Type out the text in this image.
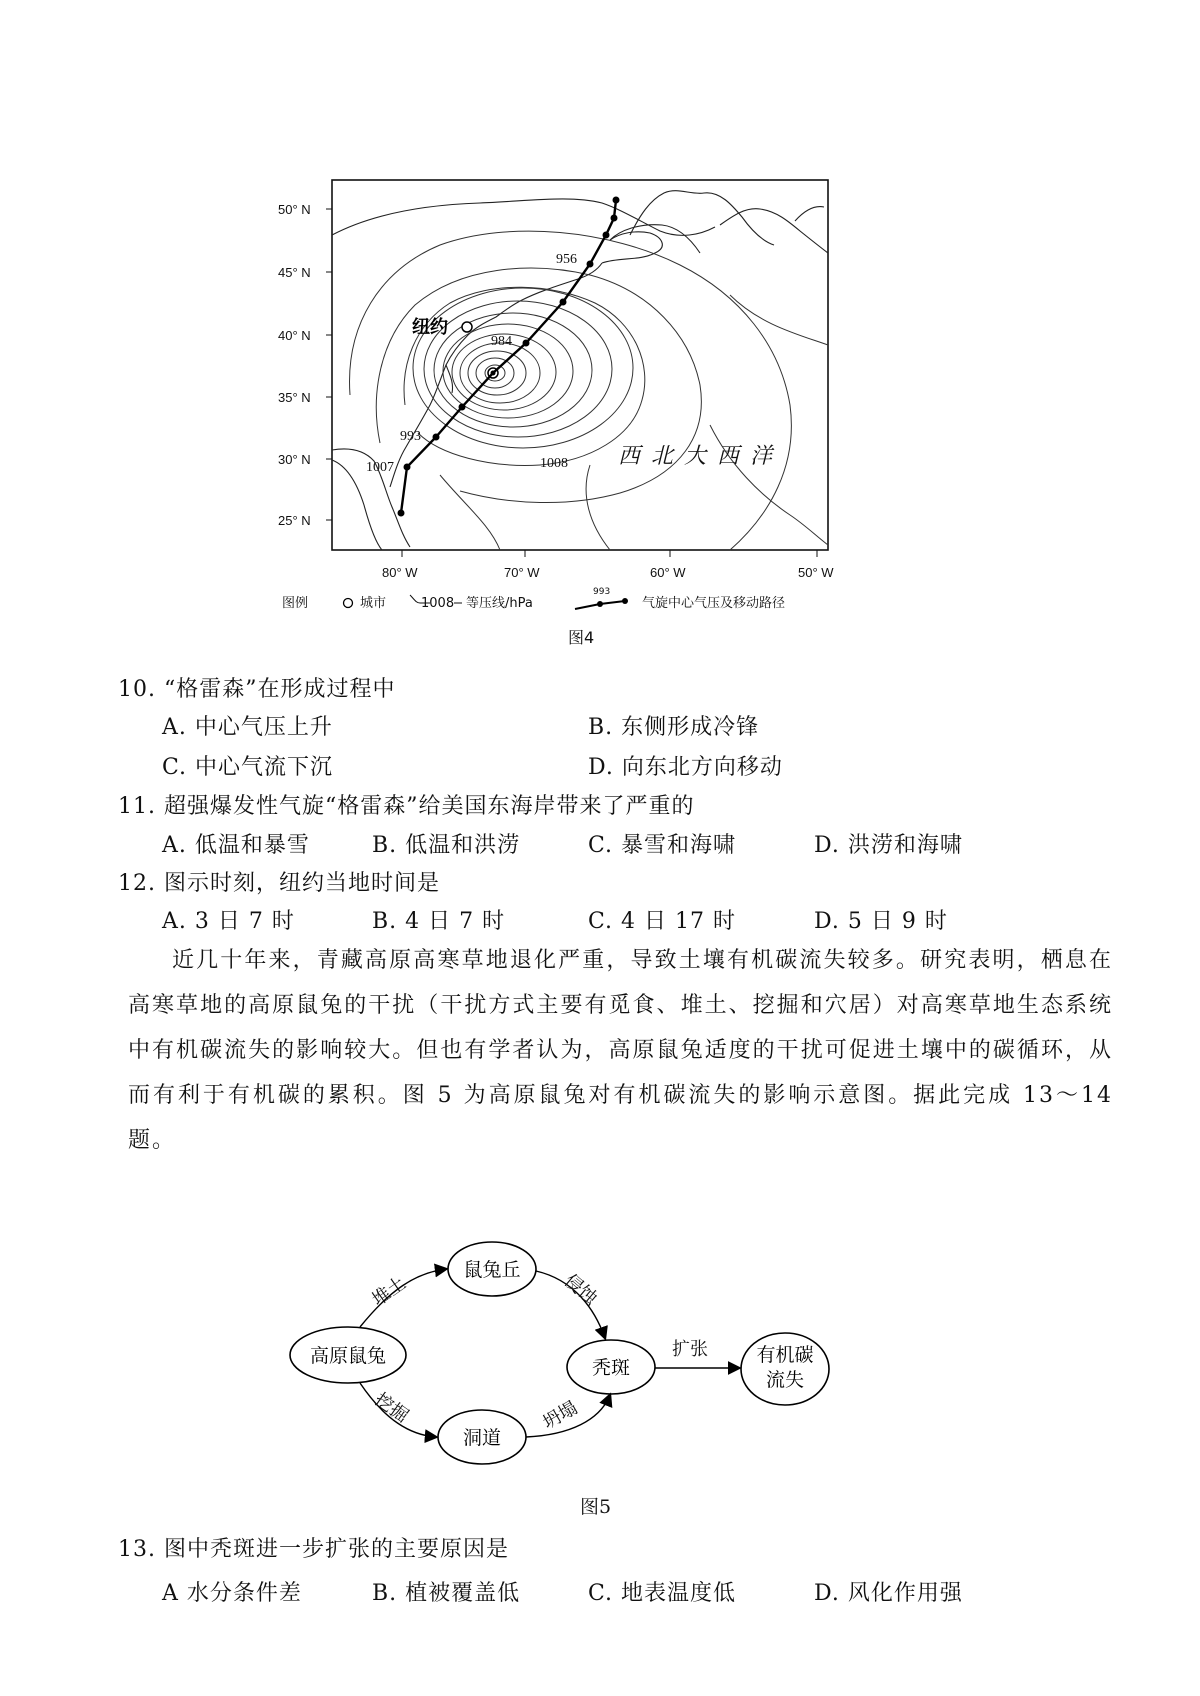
50° N
45° N
40° N
35° N
30° N
25° N
80° W	70° W	60° W	50° W
956
984
993
1007	1008
纽约
西北大西洋
图例	城市	1008 等压线/hPa
993
气旋中心气压及移动路径
图4
10. “格雷森”在形成过程中
A. 中心气压上升	B. 东侧形成冷锋
C. 中心气流下沉	D. 向东北方向移动
11. 超强爆发性气旋“格雷森”给美国东海岸带来了严重的
A. 低温和暴雪	B. 低温和洪涝	C. 暴雪和海啸	D. 洪涝和海啸
12. 图示时刻，纽约当地时间是
A. 3 日 7 时	B. 4 日 7 时	C. 4 日 17 时	D. 5 日 9 时
近几十年来，青藏高原高寒草地退化严重，导致土壤有机碳流失较多。研究表明，栖息在高寒草地的高原鼠兔的干扰（干扰方式主要有觅食、堆土、挖掘和穴居）对高寒草地生态系统中有机碳流失的影响较大。但也有学者认为，高原鼠兔适度的干扰可促进土壤中的碳循环，从而有利于有机碳的累积。图 5 为高原鼠兔对有机碳流失的影响示意图。据此完成 13～14 题。
高原鼠兔
鼠兔丘
洞道
秃斑
有机碳
流失
堆土
挖掘
侵蚀
坍塌
扩张
图5
13. 图中秃斑进一步扩张的主要原因是
A 水分条件差	B. 植被覆盖低	C. 地表温度低	D. 风化作用强
